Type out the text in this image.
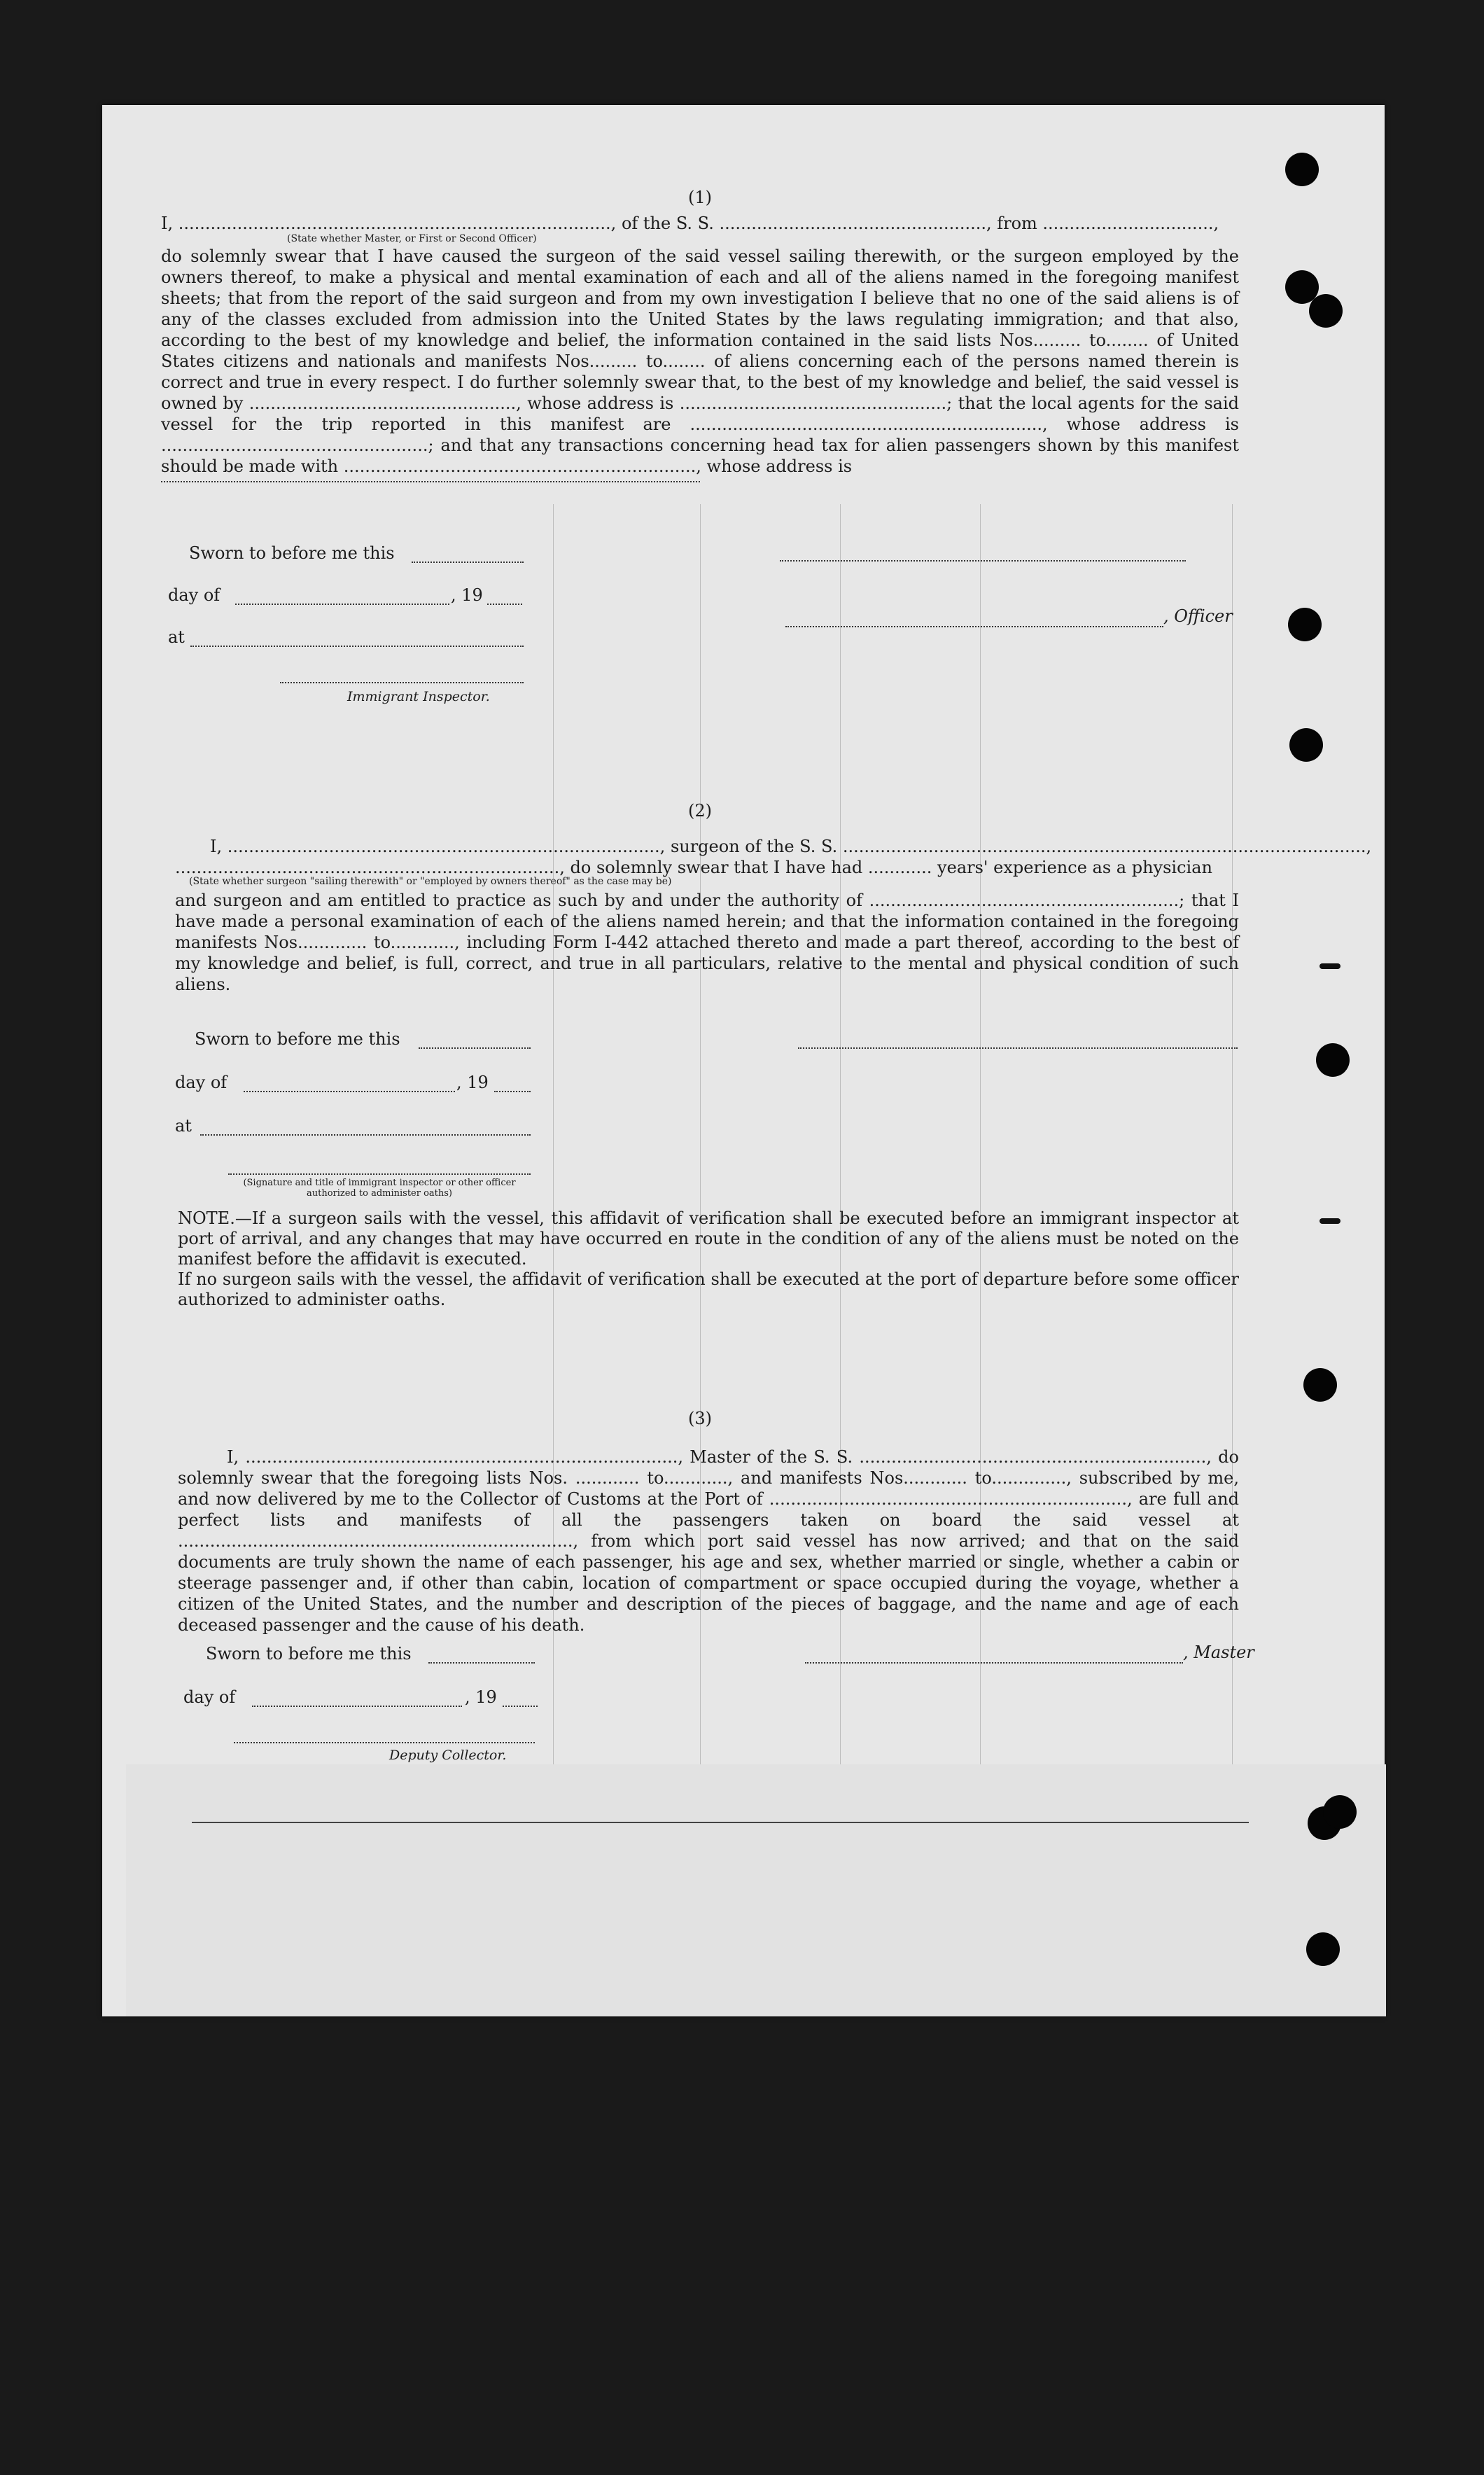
(1)

I, ................................................................................., of the S. S. .................................................., from ................................,

(State whether Master, or First or Second Officer)

do solemnly swear that I have caused the surgeon of the said vessel sailing therewith, or the surgeon employed by the owners thereof, to make a physical and mental examination of each and all of the aliens named in the foregoing manifest sheets; that from the report of the said surgeon and from my own investigation I believe that no one of the said aliens is of any of the classes excluded from admission into the United States by the laws regulating immigration; and that also, according to the best of my knowledge and belief, the information contained in the said lists Nos......... to........ of United States citizens and nationals and manifests Nos......... to........ of aliens concerning each of the persons named therein is correct and true in every respect. I do further solemnly swear that, to the best of my knowledge and belief, the said vessel is owned by .................................................., whose address is ..................................................; that the local agents for the said vessel for the trip reported in this manifest are .................................................................., whose address is ..................................................; and that any transactions concerning head tax for alien passengers shown by this manifest should be made with .................................................................., whose address is

Sworn to before me this
day of	, 19
at
Immigrant Inspector.
, Officer

(2)

I, ................................................................................., surgeon of the S. S. ..................................................................................................,

........................................................................, do solemnly swear that I have had ............ years' experience as a physician

(State whether surgeon "sailing therewith" or "employed by owners thereof" as the case may be)

and surgeon and am entitled to practice as such by and under the authority of ..........................................................; that I have made a personal examination of each of the aliens named herein; and that the information contained in the foregoing manifests Nos............. to............, including Form I-442 attached thereto and made a part thereof, according to the best of my knowledge and belief, is full, correct, and true in all particulars, relative to the mental and physical condition of such aliens.

Sworn to before me this
day of	, 19
at
(Signature and title of immigrant inspector or other officer authorized to administer oaths)

NOTE.—If a surgeon sails with the vessel, this affidavit of verification shall be executed before an immigrant inspector at port of arrival, and any changes that may have occurred en route in the condition of any of the aliens must be noted on the manifest before the affidavit is executed.

If no surgeon sails with the vessel, the affidavit of verification shall be executed at the port of departure before some officer authorized to administer oaths.

(3)

I, ................................................................................., Master of the S. S. ................................................................., do solemnly swear that the foregoing lists Nos. ............ to............, and manifests Nos............ to.............., subscribed by me, and now delivered by me to the Collector of Customs at the Port of ..................................................................., are full and perfect lists and manifests of all the passengers taken on board the said vessel at .........................................................................., from which port said vessel has now arrived; and that on the said documents are truly shown the name of each passenger, his age and sex, whether married or single, whether a cabin or steerage passenger and, if other than cabin, location of compartment or space occupied during the voyage, whether a citizen of the United States, and the number and description of the pieces of baggage, and the name and age of each deceased passenger and the cause of his death.

Sworn to before me this
day of	, 19
Deputy Collector.
, Master
